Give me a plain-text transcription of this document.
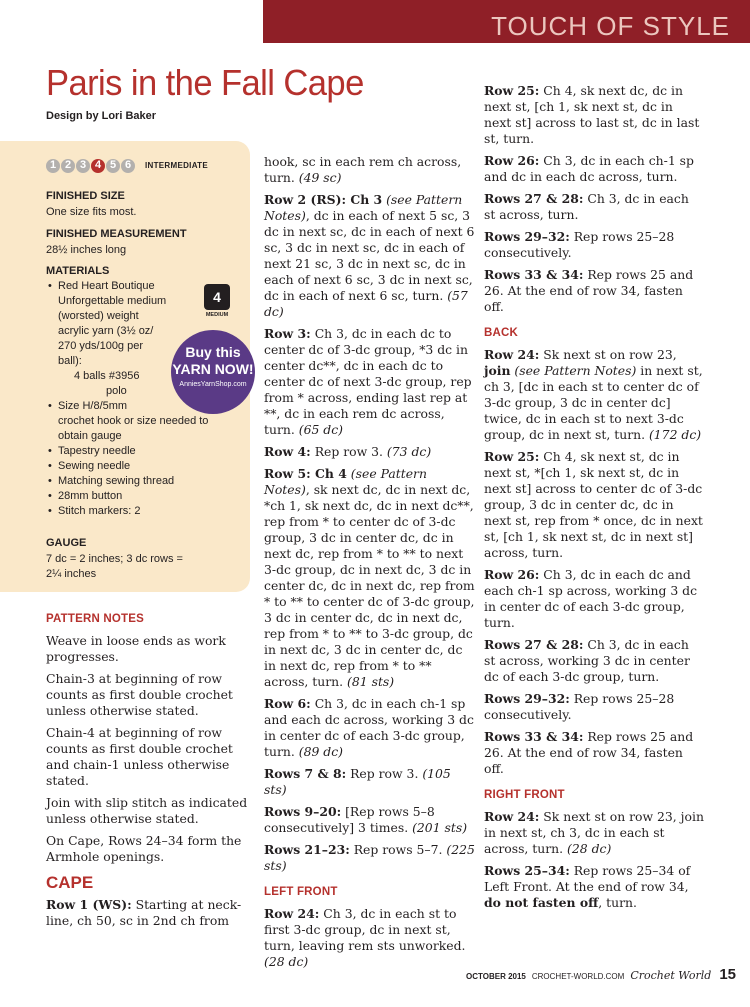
TOUCH OF STYLE
Paris in the Fall Cape
Design by Lori Baker
1 2 3 4 5 6	INTERMEDIATE
FINISHED SIZE
One size fits most.
FINISHED MEASUREMENT
28½ inches long
MATERIALS
• Red Heart Boutique
Unforgettable medium
(worsted) weight
acrylic yarn (3½ oz/
270 yds/100g per
ball):
4 balls #3956
polo
• Size H/8/5mm
crochet hook or size needed to
obtain gauge
• Tapestry needle
• Sewing needle
• Matching sewing thread
• 28mm button
• Stitch markers: 2
GAUGE
7 dc = 2 inches; 3 dc rows =
2¼ inches
4
MEDIUM
Buy this
YARN NOW!
AnniesYarnShop.com
PATTERN NOTES

Weave in loose ends as work progresses.

Chain-3 at beginning of row counts as first double crochet unless otherwise stated.

Chain-4 at beginning of row counts as first double crochet and chain-1 unless otherwise stated.

Join with slip stitch as indicated unless otherwise stated.

On Cape, Rows 24–34 form the Armhole openings.

CAPE

Row 1 (WS): Starting at neck-line, ch 50, sc in 2nd ch from

hook, sc in each rem ch across, turn. (49 sc)

Row 2 (RS): Ch 3 (see Pattern Notes), dc in each of next 5 sc, 3 dc in next sc, dc in each of next 6 sc, 3 dc in next sc, dc in each of next 21 sc, 3 dc in next sc, dc in each of next 6 sc, 3 dc in next sc, dc in each of next 6 sc, turn. (57 dc)

Row 3: Ch 3, dc in each dc to center dc of 3-dc group, *3 dc in center dc**, dc in each dc to center dc of next 3-dc group, rep from * across, ending last rep at **, dc in each rem dc across, turn. (65 dc)

Row 4: Rep row 3. (73 dc)

Row 5: Ch 4 (see Pattern Notes), sk next dc, dc in next dc, *ch 1, sk next dc, dc in next dc**, rep from * to center dc of 3-dc group, 3 dc in center dc, dc in next dc, rep from * to ** to next 3-dc group, dc in next dc, 3 dc in center dc, dc in next dc, rep from * to ** to center dc of 3-dc group, 3 dc in center dc, dc in next dc, rep from * to ** to 3-dc group, dc in next dc, 3 dc in center dc, dc in next dc, rep from * to ** across, turn. (81 sts)

Row 6: Ch 3, dc in each ch-1 sp and each dc across, working 3 dc in center dc of each 3-dc group, turn. (89 dc)

Rows 7 & 8: Rep row 3. (105 sts)

Rows 9–20: [Rep rows 5–8 consecutively] 3 times. (201 sts)

Rows 21–23: Rep rows 5–7. (225 sts)

LEFT FRONT

Row 24: Ch 3, dc in each st to first 3-dc group, dc in next st, turn, leaving rem sts unworked. (28 dc)

Row 25: Ch 4, sk next dc, dc in next st, [ch 1, sk next st, dc in next st] across to last st, dc in last st, turn.

Row 26: Ch 3, dc in each ch-1 sp and dc in each dc across, turn.

Rows 27 & 28: Ch 3, dc in each st across, turn.

Rows 29–32: Rep rows 25–28 consecutively.

Rows 33 & 34: Rep rows 25 and 26. At the end of row 34, fasten off.

BACK

Row 24: Sk next st on row 23, join (see Pattern Notes) in next st, ch 3, [dc in each st to center dc of 3-dc group, 3 dc in center dc] twice, dc in each st to next 3-dc group, dc in next st, turn. (172 dc)

Row 25: Ch 4, sk next st, dc in next st, *[ch 1, sk next st, dc in next st] across to center dc of 3-dc group, 3 dc in center dc, dc in next st, rep from * once, dc in next st, [ch 1, sk next st, dc in next st] across, turn.

Row 26: Ch 3, dc in each dc and each ch-1 sp across, working 3 dc in center dc of each 3-dc group, turn.

Rows 27 & 28: Ch 3, dc in each st across, working 3 dc in center dc of each 3-dc group, turn.

Rows 29–32: Rep rows 25–28 consecutively.

Rows 33 & 34: Rep rows 25 and 26. At the end of row 34, fasten off.

RIGHT FRONT

Row 24: Sk next st on row 23, join in next st, ch 3, dc in each st across, turn. (28 dc)

Rows 25–34: Rep rows 25–34 of Left Front. At the end of row 34, do not fasten off, turn.

OCTOBER 2015 CROCHET-WORLD.COM Crochet World 15
